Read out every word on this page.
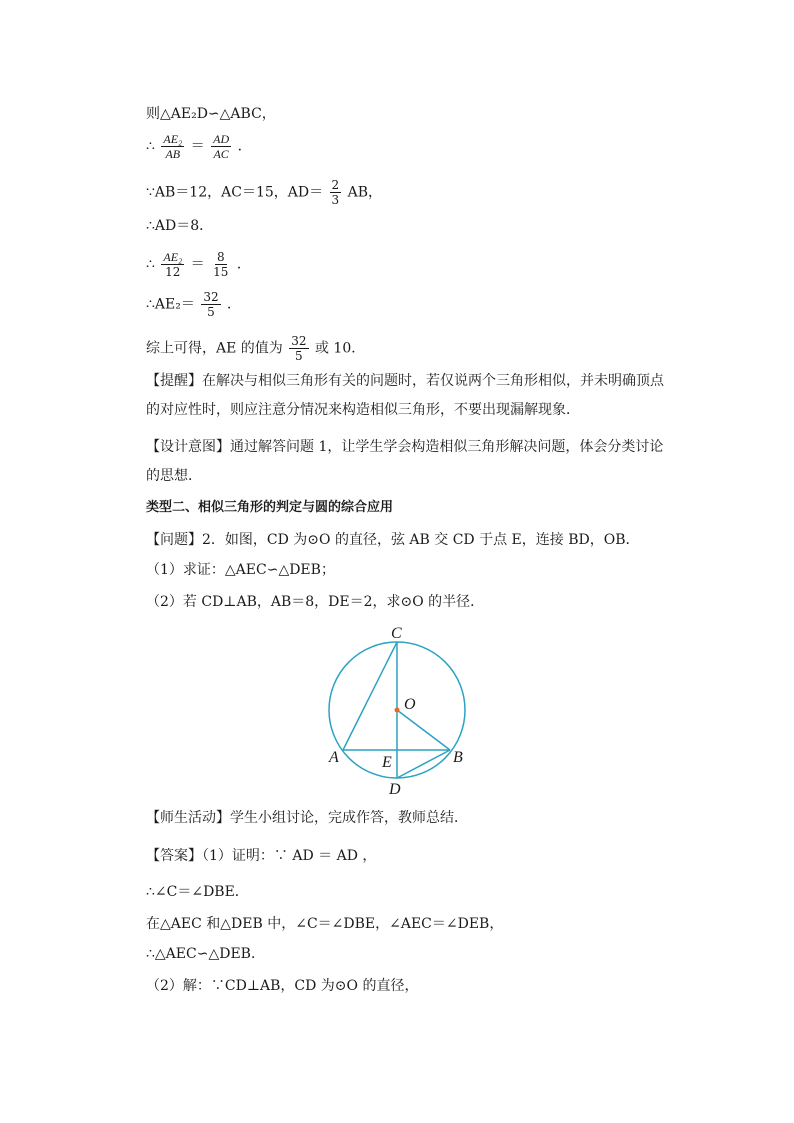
则△AE₂D∽△ABC，
∴ $\frac{\text{AE₂}}{AB} = \frac{AD}{AC}$ ．
∵AB＝12，AC＝15，$AD= \frac{2}{3}$ AB，
∴AD＝8．
∴ $\frac{\text{AE₂}}{12} = \frac{8}{15}$ ．
∴AE₂＝ $\frac{32}{5}$ ．
综上可得，AE 的值为 $\frac{32}{5}$ 或 10．
【提醒】在解决与相似三角形有关的问题时，若仅说两个三角形相似，并未明确顶点的对应性时，则应注意分情况来构造相似三角形，不要出现漏解现象．
【设计意图】通过解答问题 1，让学生学会构造相似三角形解决问题，体会分类讨论的思想．
类型二、相似三角形的判定与圆的综合应用
【问题】2．如图，CD 为⊙O 的直径，弦 AB 交 CD 于点 E，连接 BD，OB．
（1）求证：△AEC∽△DEB；
（2）若 CD⊥AB，AB＝8，DE＝2，求⊙O 的半径．
C
O
A	B
E
D
【师生活动】学生小组讨论，完成作答，教师总结．
【答案】（1）证明：∵ AD ＝ AD ，
∴∠C＝∠DBE．
在△AEC 和△DEB 中，∠C＝∠DBE，∠AEC＝∠DEB，
∴△AEC∽△DEB．
（2）解：∵CD⊥AB，CD 为⊙O 的直径，
